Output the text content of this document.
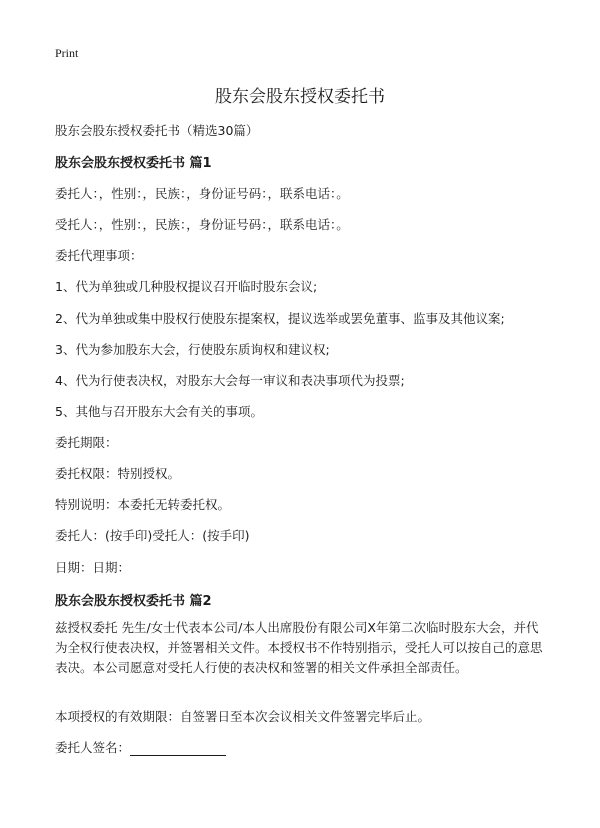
Print
股东会股东授权委托书
股东会股东授权委托书（精选30篇）
股东会股东授权委托书 篇1
委托人：，性别：，民族：，身份证号码：，联系电话：。
受托人：，性别：，民族：，身份证号码：，联系电话：。
委托代理事项：
1、代为单独或几种股权提议召开临时股东会议;
2、代为单独或集中股权行使股东提案权，提议选举或罢免董事、监事及其他议案;
3、代为参加股东大会，行使股东质询权和建议权;
4、代为行使表决权，对股东大会每一审议和表决事项代为投票;
5、其他与召开股东大会有关的事项。
委托期限：
委托权限：特别授权。
特别说明：本委托无转委托权。
委托人：(按手印)受托人：(按手印)
日期：日期：
股东会股东授权委托书 篇2
兹授权委托 先生/女士代表本公司/本人出席股份有限公司X年第二次临时股东大会，并代为全权行使表决权，并签署相关文件。本授权书不作特别指示，受托人可以按自己的意思表决。本公司愿意对受托人行使的表决权和签署的相关文件承担全部责任。
本项授权的有效期限：自签署日至本次会议相关文件签署完毕后止。
委托人签名：
